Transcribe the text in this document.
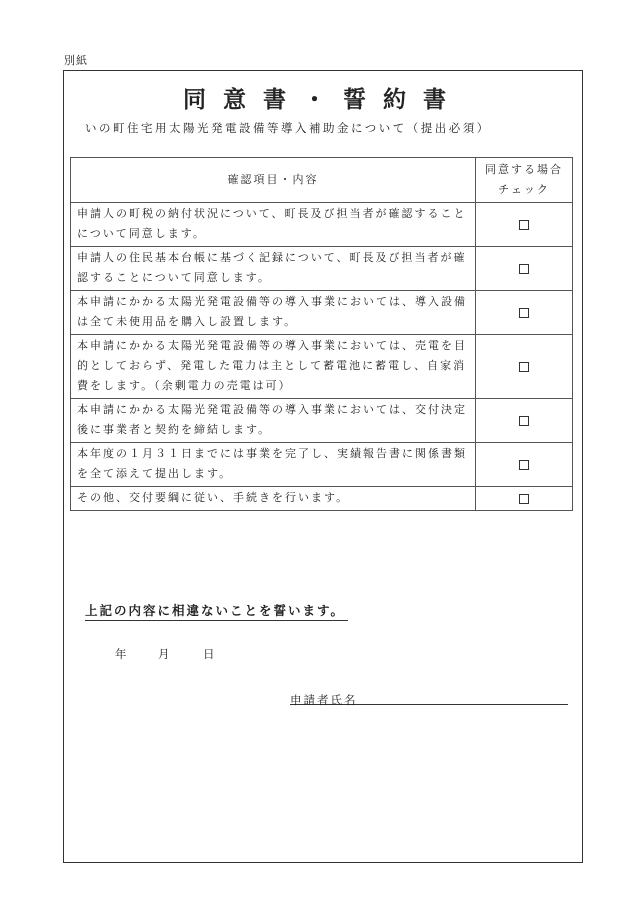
別紙
同意書・誓約書
いの町住宅用太陽光発電設備等導入補助金について（提出必須）
確認項目・内容	同意する場合
チェック

申請人の町税の納付状況について、町長及び担当者が確認することについて同意します。	
申請人の住民基本台帳に基づく記録について、町長及び担当者が確認することについて同意します。	
本申請にかかる太陽光発電設備等の導入事業においては、導入設備は全て未使用品を購入し設置します。	
本申請にかかる太陽光発電設備等の導入事業においては、売電を目的としておらず、発電した電力は主として蓄電池に蓄電し、自家消費をします。（余剰電力の売電は可）	
本申請にかかる太陽光発電設備等の導入事業においては、交付決定後に事業者と契約を締結します。	
本年度の１月３１日までには事業を完了し、実績報告書に関係書類を全て添えて提出します。	
その他、交付要綱に従い、手続きを行います。	
上記の内容に相違ないことを誓います。
年	月	日
申請者氏名
